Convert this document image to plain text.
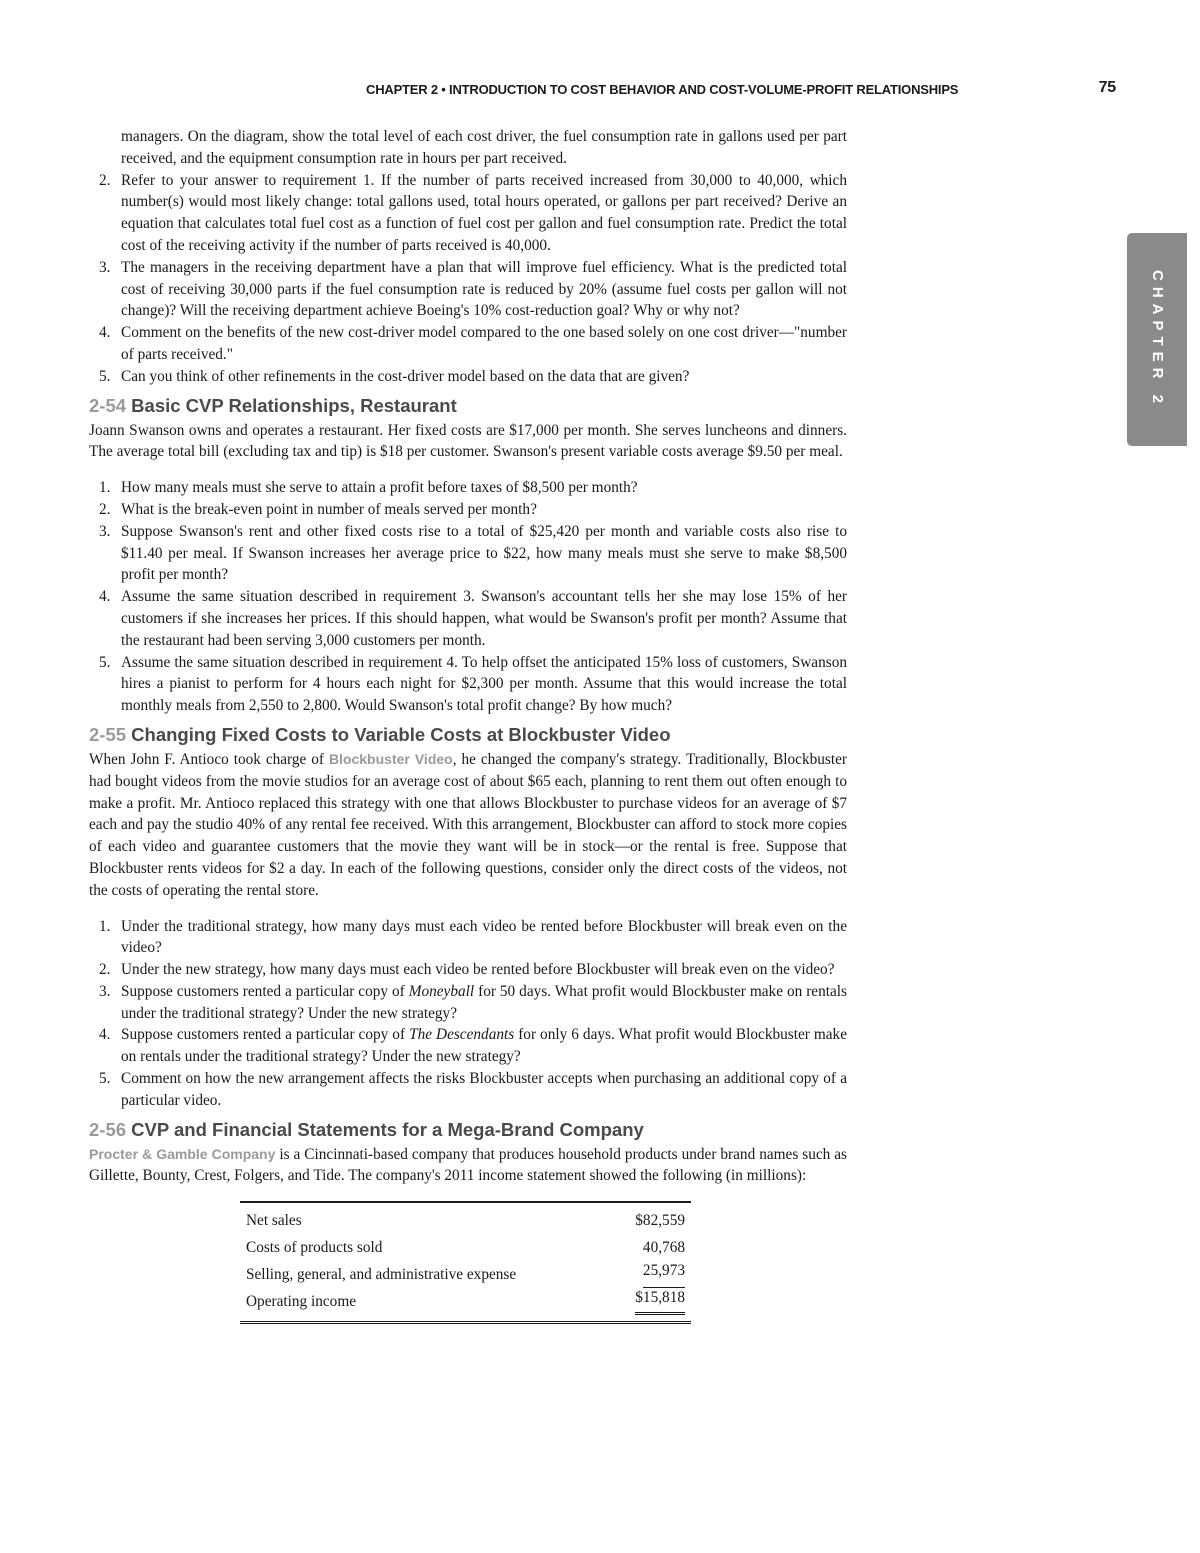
CHAPTER 2 • INTRODUCTION TO COST BEHAVIOR AND COST-VOLUME-PROFIT RELATIONSHIPS	75
CHAPTER 2

managers. On the diagram, show the total level of each cost driver, the fuel consumption rate in gallons used per part received, and the equipment consumption rate in hours per part received.

2. Refer to your answer to requirement 1. If the number of parts received increased from 30,000 to 40,000, which number(s) would most likely change: total gallons used, total hours operated, or gallons per part received? Derive an equation that calculates total fuel cost as a function of fuel cost per gallon and fuel consumption rate. Predict the total cost of the receiving activity if the number of parts received is 40,000.
3. The managers in the receiving department have a plan that will improve fuel efficiency. What is the predicted total cost of receiving 30,000 parts if the fuel consumption rate is reduced by 20% (assume fuel costs per gallon will not change)? Will the receiving department achieve Boeing's 10% cost-reduction goal? Why or why not?
4. Comment on the benefits of the new cost-driver model compared to the one based solely on one cost driver—"number of parts received."
5. Can you think of other refinements in the cost-driver model based on the data that are given?
2-54 Basic CVP Relationships, Restaurant

Joann Swanson owns and operates a restaurant. Her fixed costs are $17,000 per month. She serves luncheons and dinners. The average total bill (excluding tax and tip) is $18 per customer. Swanson's present variable costs average $9.50 per meal.

1. How many meals must she serve to attain a profit before taxes of $8,500 per month?
2. What is the break-even point in number of meals served per month?
3. Suppose Swanson's rent and other fixed costs rise to a total of $25,420 per month and variable costs also rise to $11.40 per meal. If Swanson increases her average price to $22, how many meals must she serve to make $8,500 profit per month?
4. Assume the same situation described in requirement 3. Swanson's accountant tells her she may lose 15% of her customers if she increases her prices. If this should happen, what would be Swanson's profit per month? Assume that the restaurant had been serving 3,000 customers per month.
5. Assume the same situation described in requirement 4. To help offset the anticipated 15% loss of customers, Swanson hires a pianist to perform for 4 hours each night for $2,300 per month. Assume that this would increase the total monthly meals from 2,550 to 2,800. Would Swanson's total profit change? By how much?
2-55 Changing Fixed Costs to Variable Costs at Blockbuster Video

When John F. Antioco took charge of Blockbuster Video, he changed the company's strategy. Traditionally, Blockbuster had bought videos from the movie studios for an average cost of about $65 each, planning to rent them out often enough to make a profit. Mr. Antioco replaced this strategy with one that allows Blockbuster to purchase videos for an average of $7 each and pay the studio 40% of any rental fee received. With this arrangement, Blockbuster can afford to stock more copies of each video and guarantee customers that the movie they want will be in stock—or the rental is free. Suppose that Blockbuster rents videos for $2 a day. In each of the following questions, consider only the direct costs of the videos, not the costs of operating the rental store.

1. Under the traditional strategy, how many days must each video be rented before Blockbuster will break even on the video?
2. Under the new strategy, how many days must each video be rented before Blockbuster will break even on the video?
3. Suppose customers rented a particular copy of Moneyball for 50 days. What profit would Blockbuster make on rentals under the traditional strategy? Under the new strategy?
4. Suppose customers rented a particular copy of The Descendants for only 6 days. What profit would Blockbuster make on rentals under the traditional strategy? Under the new strategy?
5. Comment on how the new arrangement affects the risks Blockbuster accepts when purchasing an additional copy of a particular video.
2-56 CVP and Financial Statements for a Mega-Brand Company

Procter & Gamble Company is a Cincinnati-based company that produces household products under brand names such as Gillette, Bounty, Crest, Folgers, and Tide. The company's 2011 income statement showed the following (in millions):

Net sales	$82,559
Costs of products sold	40,768
Selling, general, and administrative expense	25,973
Operating income	$15,818
